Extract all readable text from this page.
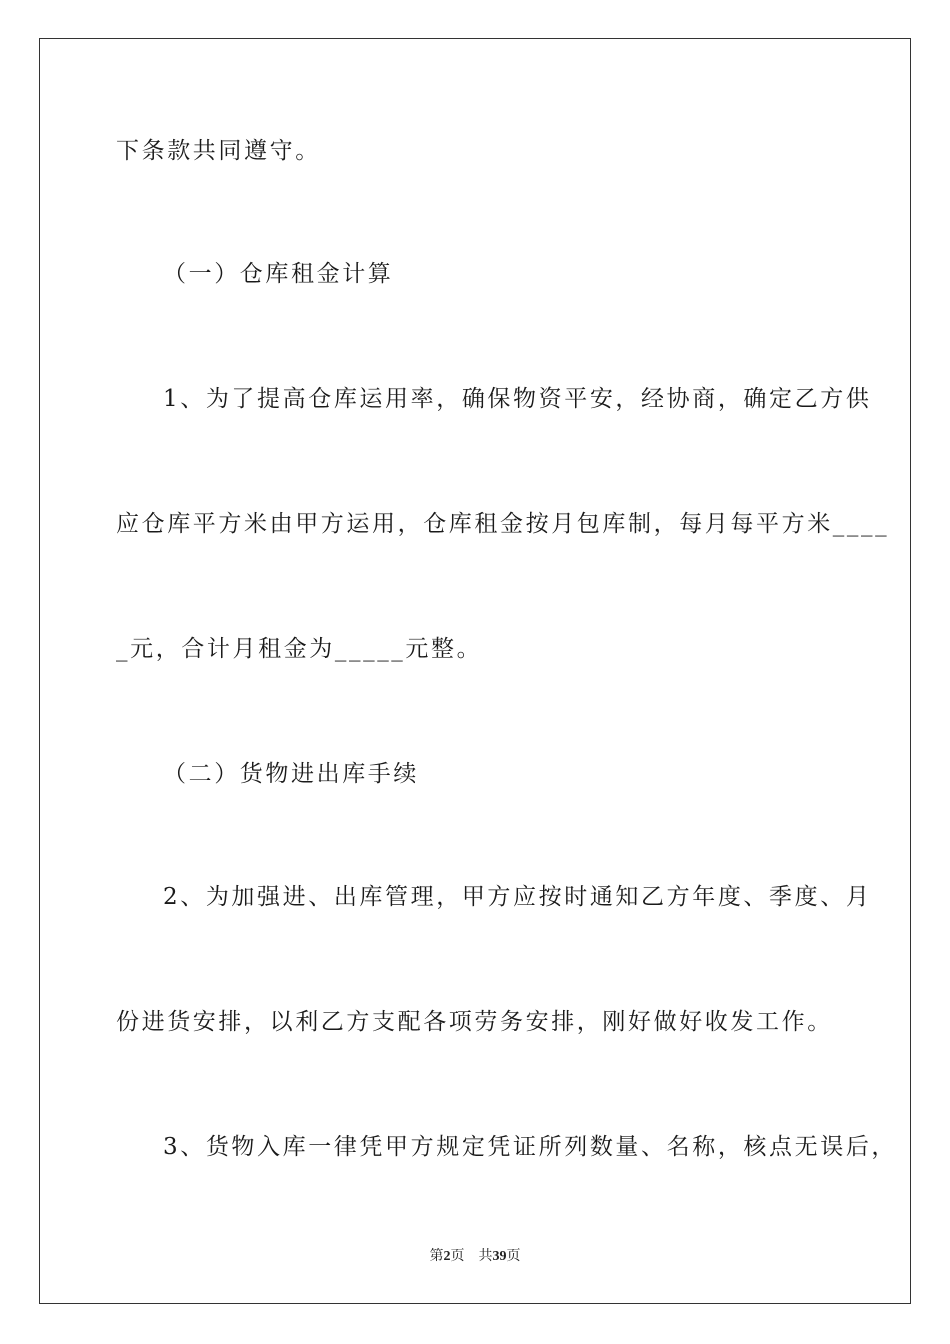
下条款共同遵守。
（一）仓库租金计算
1、为了提高仓库运用率，确保物资平安，经协商，确定乙方供
应仓库平方米由甲方运用，仓库租金按月包库制，每月每平方米____
_元，合计月租金为_____元整。
（二）货物进出库手续
2、为加强进、出库管理，甲方应按时通知乙方年度、季度、月
份进货安排，以利乙方支配各项劳务安排，刚好做好收发工作。
3、货物入库一律凭甲方规定凭证所列数量、名称，核点无误后，
第2页 共39页
